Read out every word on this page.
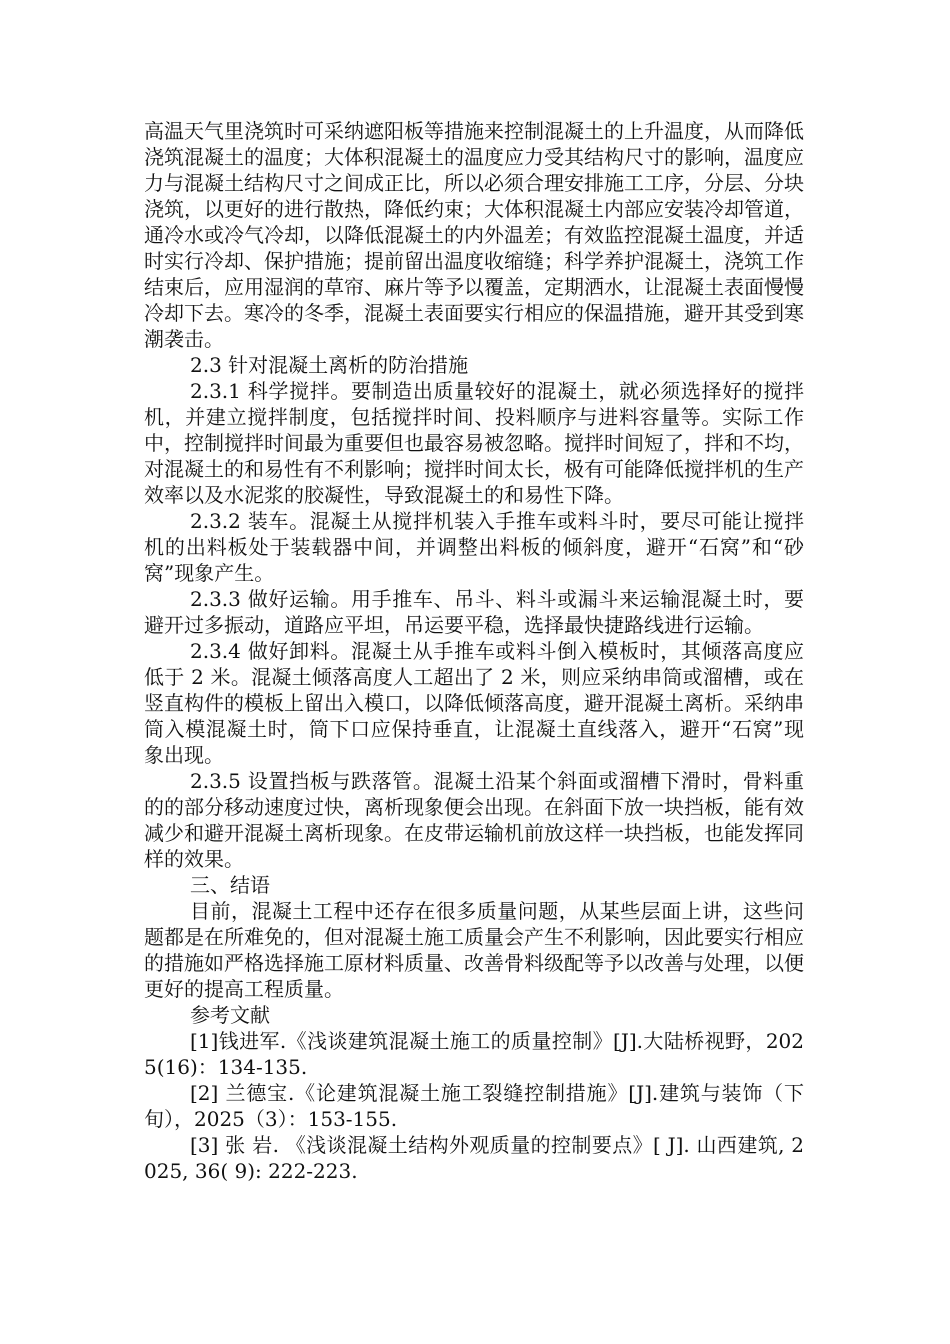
高温天气里浇筑时可采纳遮阳板等措施来控制混凝土的上升温度，从而降低浇筑混凝土的温度；大体积混凝土的温度应力受其结构尺寸的影响，温度应力与混凝土结构尺寸之间成正比，所以必须合理安排施工工序，分层、分块浇筑，以更好的进行散热，降低约束；大体积混凝土内部应安装冷却管道，通冷水或冷气冷却，以降低混凝土的内外温差；有效监控混凝土温度，并适时实行冷却、保护措施；提前留出温度收缩缝；科学养护混凝土，浇筑工作结束后，应用湿润的草帘、麻片等予以覆盖，定期洒水，让混凝土表面慢慢冷却下去。寒冷的冬季，混凝土表面要实行相应的保温措施，避开其受到寒潮袭击。

2.3 针对混凝土离析的防治措施

2.3.1 科学搅拌。要制造出质量较好的混凝土，就必须选择好的搅拌机，并建立搅拌制度，包括搅拌时间、投料顺序与进料容量等。实际工作中，控制搅拌时间最为重要但也最容易被忽略。搅拌时间短了，拌和不均，对混凝土的和易性有不利影响；搅拌时间太长，极有可能降低搅拌机的生产效率以及水泥浆的胶凝性，导致混凝土的和易性下降。

2.3.2 装车。混凝土从搅拌机装入手推车或料斗时，要尽可能让搅拌机的出料板处于装载器中间，并调整出料板的倾斜度，避开“石窝”和“砂窝”现象产生。

2.3.3 做好运输。用手推车、吊斗、料斗或漏斗来运输混凝土时，要避开过多振动，道路应平坦，吊运要平稳，选择最快捷路线进行运输。

2.3.4 做好卸料。混凝土从手推车或料斗倒入模板时，其倾落高度应低于 2 米。混凝土倾落高度人工超出了 2 米，则应采纳串筒或溜槽，或在竖直构件的模板上留出入模口，以降低倾落高度，避开混凝土离析。采纳串筒入模混凝土时，筒下口应保持垂直，让混凝土直线落入，避开“石窝”现象出现。

2.3.5 设置挡板与跌落管。混凝土沿某个斜面或溜槽下滑时，骨料重的的部分移动速度过快，离析现象便会出现。在斜面下放一块挡板，能有效减少和避开混凝土离析现象。在皮带运输机前放这样一块挡板，也能发挥同样的效果。

三、结语

目前，混凝土工程中还存在很多质量问题，从某些层面上讲，这些问题都是在所难免的，但对混凝土施工质量会产生不利影响，因此要实行相应的措施如严格选择施工原材料质量、改善骨料级配等予以改善与处理，以便更好的提高工程质量。

参考文献

[1]钱进军.《浅谈建筑混凝土施工的质量控制》[J].大陆桥视野，2025(16)：134-135.

[2] 兰德宝.《论建筑混凝土施工裂缝控制措施》[J].建筑与装饰（下旬），2025（3）：153-155.

[3] 张 岩. 《浅谈混凝土结构外观质量的控制要点》[ J]. 山西建筑, 2025, 36( 9): 222-223.
